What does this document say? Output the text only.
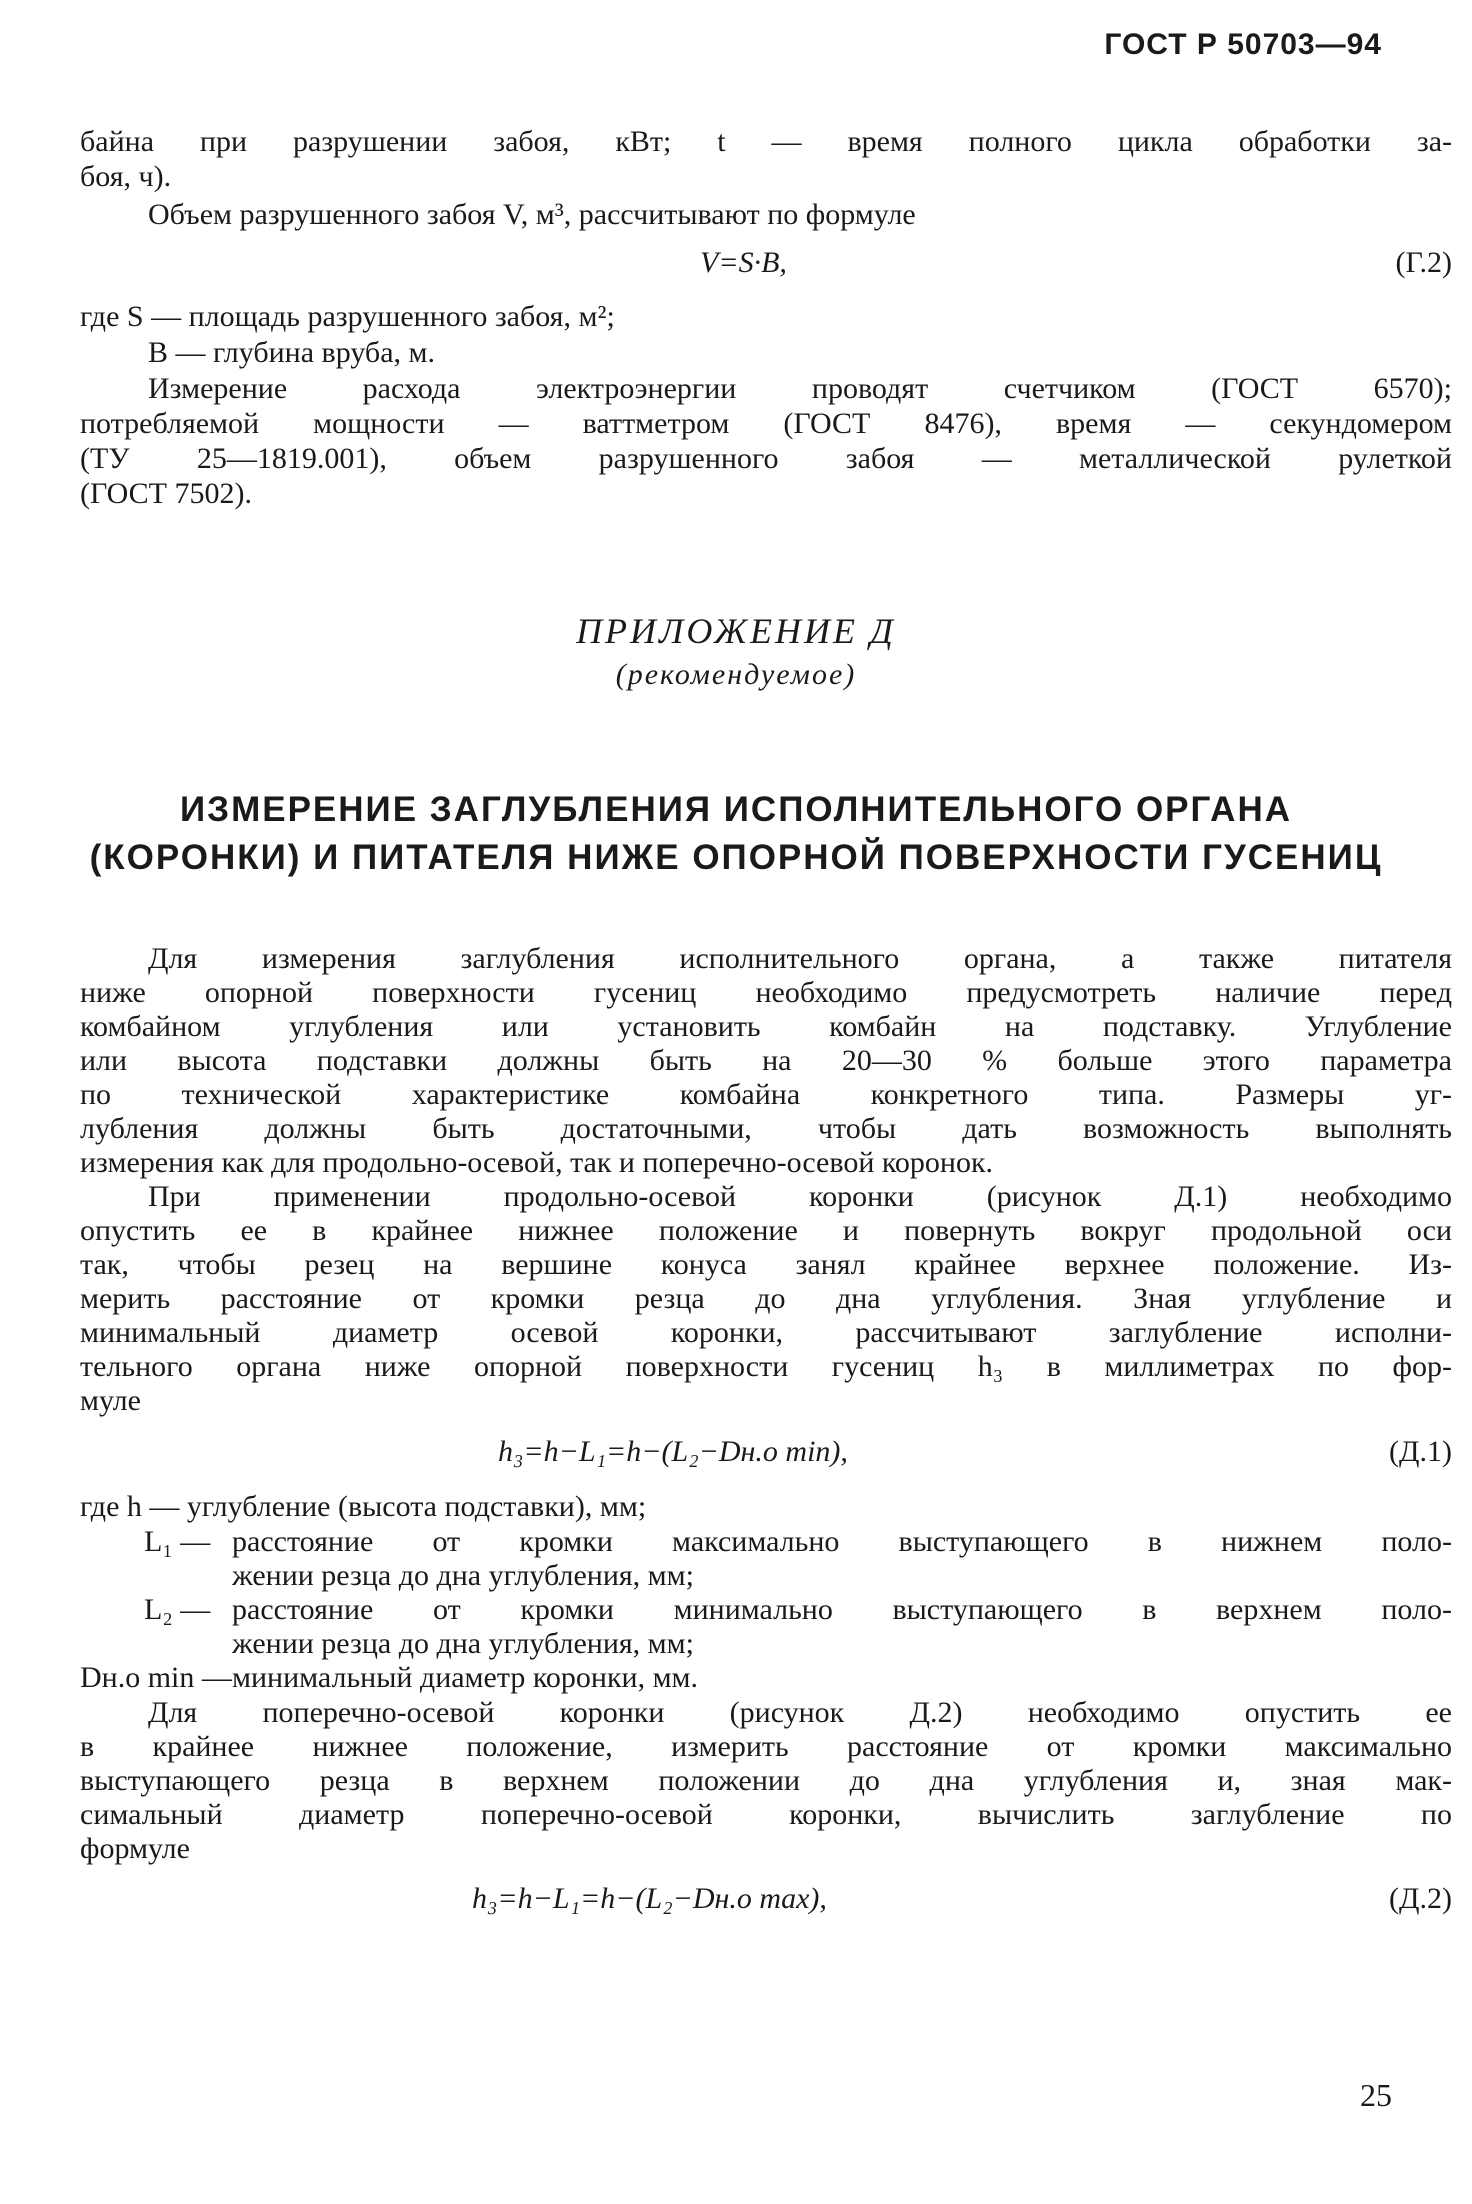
ГОСТ Р 50703—94
байна при разрушении забоя, кВт; t — время полного цикла обработки за-
боя, ч).
Объем разрушенного забоя V, м³, рассчитывают по формуле
V=S·B,	(Г.2)
где S — площадь разрушенного забоя, м²;
B — глубина вруба, м.
Измерение расхода электроэнергии проводят счетчиком (ГОСТ 6570);
потребляемой мощности — ваттметром (ГОСТ 8476), время — секундомером
(ТУ 25—1819.001), объем разрушенного забоя — металлической рулеткой
(ГОСТ 7502).
ПРИЛОЖЕНИЕ Д
(рекомендуемое)
ИЗМЕРЕНИЕ ЗАГЛУБЛЕНИЯ ИСПОЛНИТЕЛЬНОГО ОРГАНА
(КОРОНКИ) И ПИТАТЕЛЯ НИЖЕ ОПОРНОЙ ПОВЕРХНОСТИ ГУСЕНИЦ
Для измерения заглубления исполнительного органа, а также питателя
ниже опорной поверхности гусениц необходимо предусмотреть наличие перед
комбайном углубления или установить комбайн на подставку. Углубление
или высота подставки должны быть на 20—30 % больше этого параметра
по технической характеристике комбайна конкретного типа. Размеры уг-
лубления должны быть достаточными, чтобы дать возможность выполнять
измерения как для продольно-осевой, так и поперечно-осевой коронок.
При применении продольно-осевой коронки (рисунок Д.1) необходимо
опустить ее в крайнее нижнее положение и повернуть вокруг продольной оси
так, чтобы резец на вершине конуса занял крайнее верхнее положение. Из-
мерить расстояние от кромки резца до дна углубления. Зная углубление и
минимальный диаметр осевой коронки, рассчитывают заглубление исполни-
тельного органа ниже опорной поверхности гусениц h₃ в миллиметрах по фор-
муле
h₃=h−L₁=h−(L₂−Dн.о min),	(Д.1)
где h — углубление (высота подставки), мм;
L₁ — расстояние от кромки максимально выступающего в нижнем поло-
жении резца до дна углубления, мм;
L₂ — расстояние от кромки минимально выступающего в верхнем поло-
жении резца до дна углубления, мм;
Dн.о min — минимальный диаметр коронки, мм.
Для поперечно-осевой коронки (рисунок Д.2) необходимо опустить ее
в крайнее нижнее положение, измерить расстояние от кромки максимально
выступающего резца в верхнем положении до дна углубления и, зная мак-
симальный диаметр поперечно-осевой коронки, вычислить заглубление по
формуле
h₃=h−L₁=h−(L₂−Dн.о max),	(Д.2)
25
